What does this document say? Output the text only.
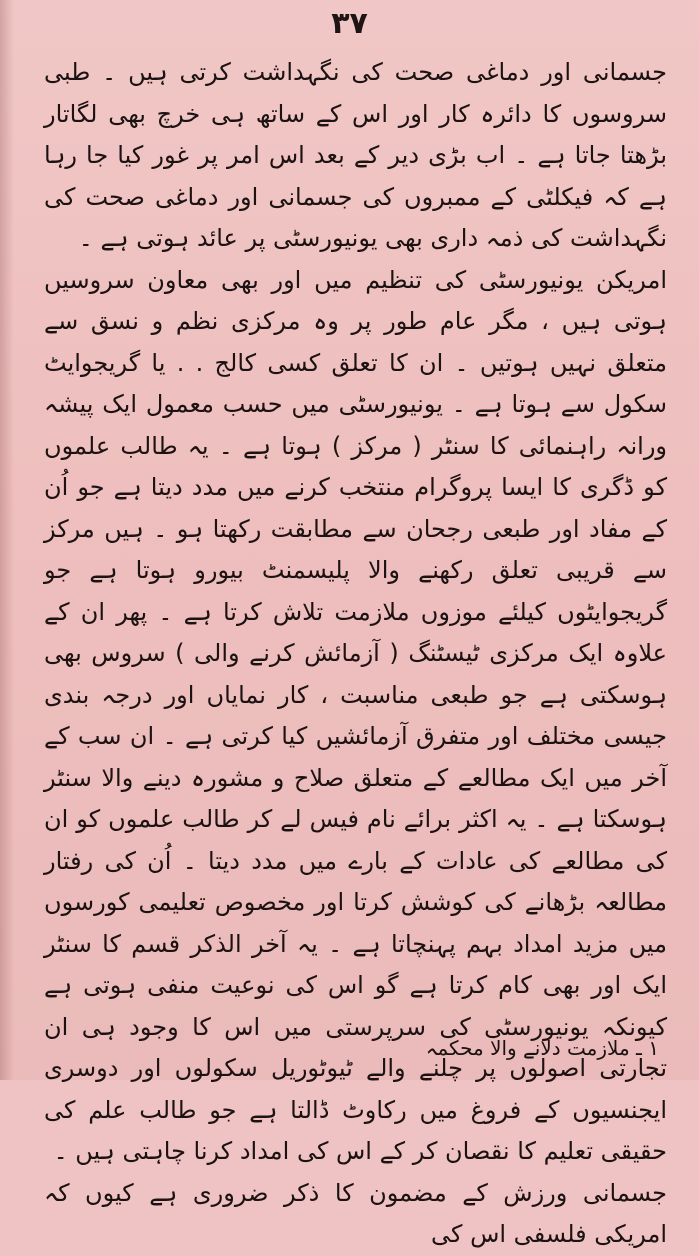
۳۷

جسمانی اور دماغی صحت کی نگہداشت کرتی ہیں ۔ طبی سروسوں کا دائرہ کار اور اس کے ساتھ ہی خرچ بھی لگاتار بڑھتا جاتا ہے ۔ اب بڑی دیر کے بعد اس امر پر غور کیا جا رہا ہے کہ فیکلٹی کے ممبروں کی جسمانی اور دماغی صحت کی نگہداشت کی ذمہ داری بھی یونیورسٹی پر عائد ہوتی ہے ۔

امریکن یونیورسٹی کی تنظیم میں اور بھی معاون سروسیں ہوتی ہیں ، مگر عام طور پر وہ مرکزی نظم و نسق سے متعلق نہیں ہوتیں ۔ ان کا تعلق کسی کالج . . یا گریجوایٹ سکول سے ہوتا ہے ۔ یونیورسٹی میں حسب معمول ایک پیشہ ورانہ راہنمائی کا سنٹر ( مرکز ) ہوتا ہے ۔ یہ طالب علموں کو ڈگری کا ایسا پروگرام منتخب کرنے میں مدد دیتا ہے جو اُن کے مفاد اور طبعی رجحان سے مطابقت رکھتا ہو ۔ ہیں مرکز سے قریبی تعلق رکھنے والا پلیسمنٹ بیورو ہوتا ہے جو گریجوایٹوں کیلئے موزوں ملازمت تلاش کرتا ہے ۔ پھر ان کے علاوہ ایک مرکزی ٹیسٹنگ ( آزمائش کرنے والی ) سروس بھی ہوسکتی ہے جو طبعی مناسبت ، کار نمایاں اور درجہ بندی جیسی مختلف اور متفرق آزمائشیں کیا کرتی ہے ۔ ان سب کے آخر میں ایک مطالعے کے متعلق صلاح و مشورہ دینے والا سنٹر ہوسکتا ہے ۔ یہ اکثر برائے نام فیس لے کر طالب علموں کو ان کی مطالعے کی عادات کے بارے میں مدد دیتا ۔ اُن کی رفتار مطالعہ بڑھانے کی کوشش کرتا اور مخصوص تعلیمی کورسوں میں مزید امداد بہم پہنچاتا ہے ۔ یہ آخر الذکر قسم کا سنٹر ایک اور بھی کام کرتا ہے گو اس کی نوعیت منفی ہوتی ہے کیونکہ یونیورسٹی کی سرپرستی میں اس کا وجود ہی ان تجارتی اصولوں پر چلنے والے ٹیوٹوریل سکولوں اور دوسری ایجنسیوں کے فروغ میں رکاوٹ ڈالتا ہے جو طالب علم کی حقیقی تعلیم کا نقصان کر کے اس کی امداد کرنا چاہتی ہیں ۔

جسمانی ورزش کے مضمون کا ذکر ضروری ہے کیوں کہ امریکی فلسفی اس کی

۱ ـ ملازمت دلانے والا محکمہ
